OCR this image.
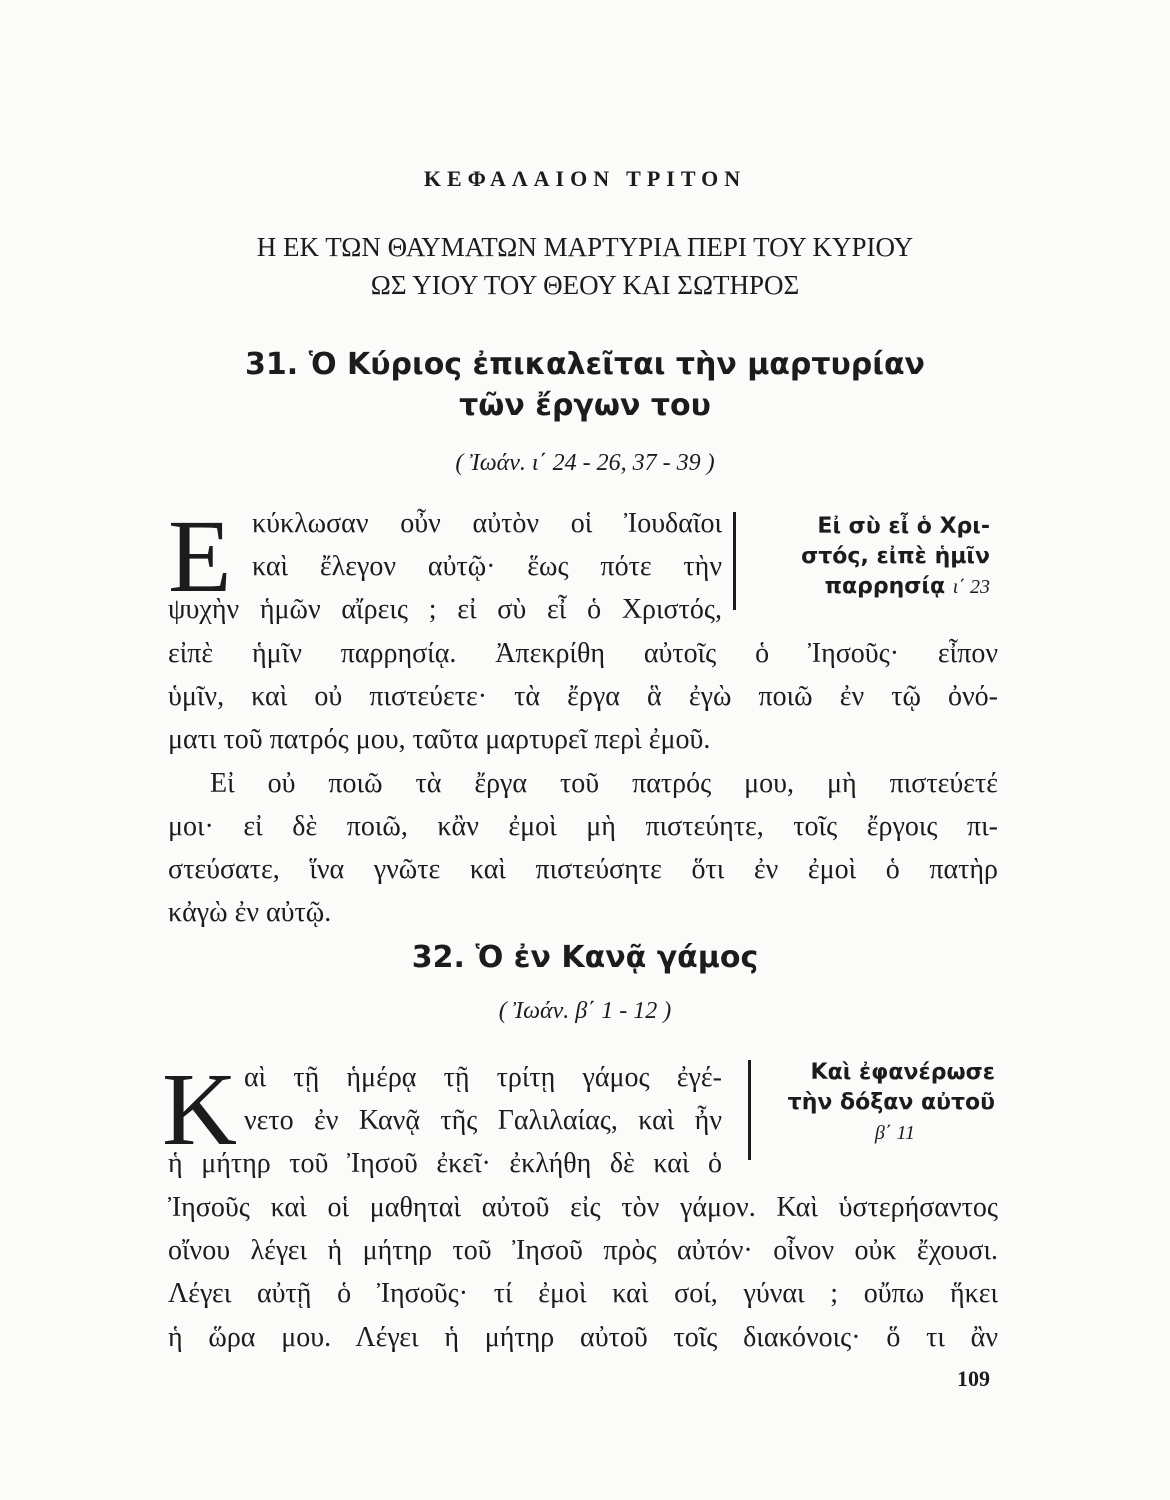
ΚΕΦΑΛΑΙΟΝ ΤΡΙΤΟΝ
Η ΕΚ ΤΩΝ ΘΑΥΜΑΤΩΝ ΜΑΡΤΥΡΙΑ ΠΕΡΙ ΤΟΥ ΚΥΡΙΟΥ
ΩΣ ΥΙΟΥ ΤΟΥ ΘΕΟΥ ΚΑΙ ΣΩΤΗΡΟΣ
31. Ὁ Κύριος ἐπικαλεῖται τὴν μαρτυρίαν
τῶν ἔργων του
( Ἰωάν. ι΄ 24 - 26, 37 - 39 )
Ε κύκλωσαν οὖν αὐτὸν οἱ Ἰουδαῖοι
καὶ ἔλεγον αὐτῷ· ἕως πότε τὴν
ψυχὴν ἡμῶν αἴρεις ; εἰ σὺ εἶ ὁ Χριστός,
εἰπὲ ἡμῖν παρρησίᾳ. Ἀπεκρίθη αὐτοῖς ὁ Ἰησοῦς· εἶπον
ὑμῖν, καὶ οὐ πιστεύετε· τὰ ἔργα ἃ ἐγὼ ποιῶ ἐν τῷ ὀνό-
ματι τοῦ πατρός μου, ταῦτα μαρτυρεῖ περὶ ἐμοῦ.
Εἰ οὐ ποιῶ τὰ ἔργα τοῦ πατρός μου, μὴ πιστεύετέ
μοι· εἰ δὲ ποιῶ, κἂν ἐμοὶ μὴ πιστεύητε, τοῖς ἔργοις πι-
στεύσατε, ἵνα γνῶτε καὶ πιστεύσητε ὅτι ἐν ἐμοὶ ὁ πατὴρ
κἀγὼ ἐν αὐτῷ.
Εἰ σὺ εἶ ὁ Χρι-
στός, εἰπὲ ἡμῖν
παρρησίᾳ ι΄ 23
32. Ὁ ἐν Κανᾷ γάμος
( Ἰωάν. β΄ 1 - 12 )
Κ αὶ τῇ ἡμέρᾳ τῇ τρίτῃ γάμος ἐγέ-
νετο ἐν Κανᾷ τῆς Γαλιλαίας, καὶ ἦν
ἡ μήτηρ τοῦ Ἰησοῦ ἐκεῖ· ἐκλήθη δὲ καὶ ὁ
Ἰησοῦς καὶ οἱ μαθηταὶ αὐτοῦ εἰς τὸν γάμον. Καὶ ὑστερήσαντος
οἴνου λέγει ἡ μήτηρ τοῦ Ἰησοῦ πρὸς αὐτόν· οἶνον οὐκ ἔχουσι.
Λέγει αὐτῇ ὁ Ἰησοῦς· τί ἐμοὶ καὶ σοί, γύναι ; οὔπω ἥκει
ἡ ὥρα μου. Λέγει ἡ μήτηρ αὐτοῦ τοῖς διακόνοις· ὅ τι ἂν
Καὶ ἐφανέρωσε
τὴν δόξαν αὐτοῦ
β΄ 11
109
